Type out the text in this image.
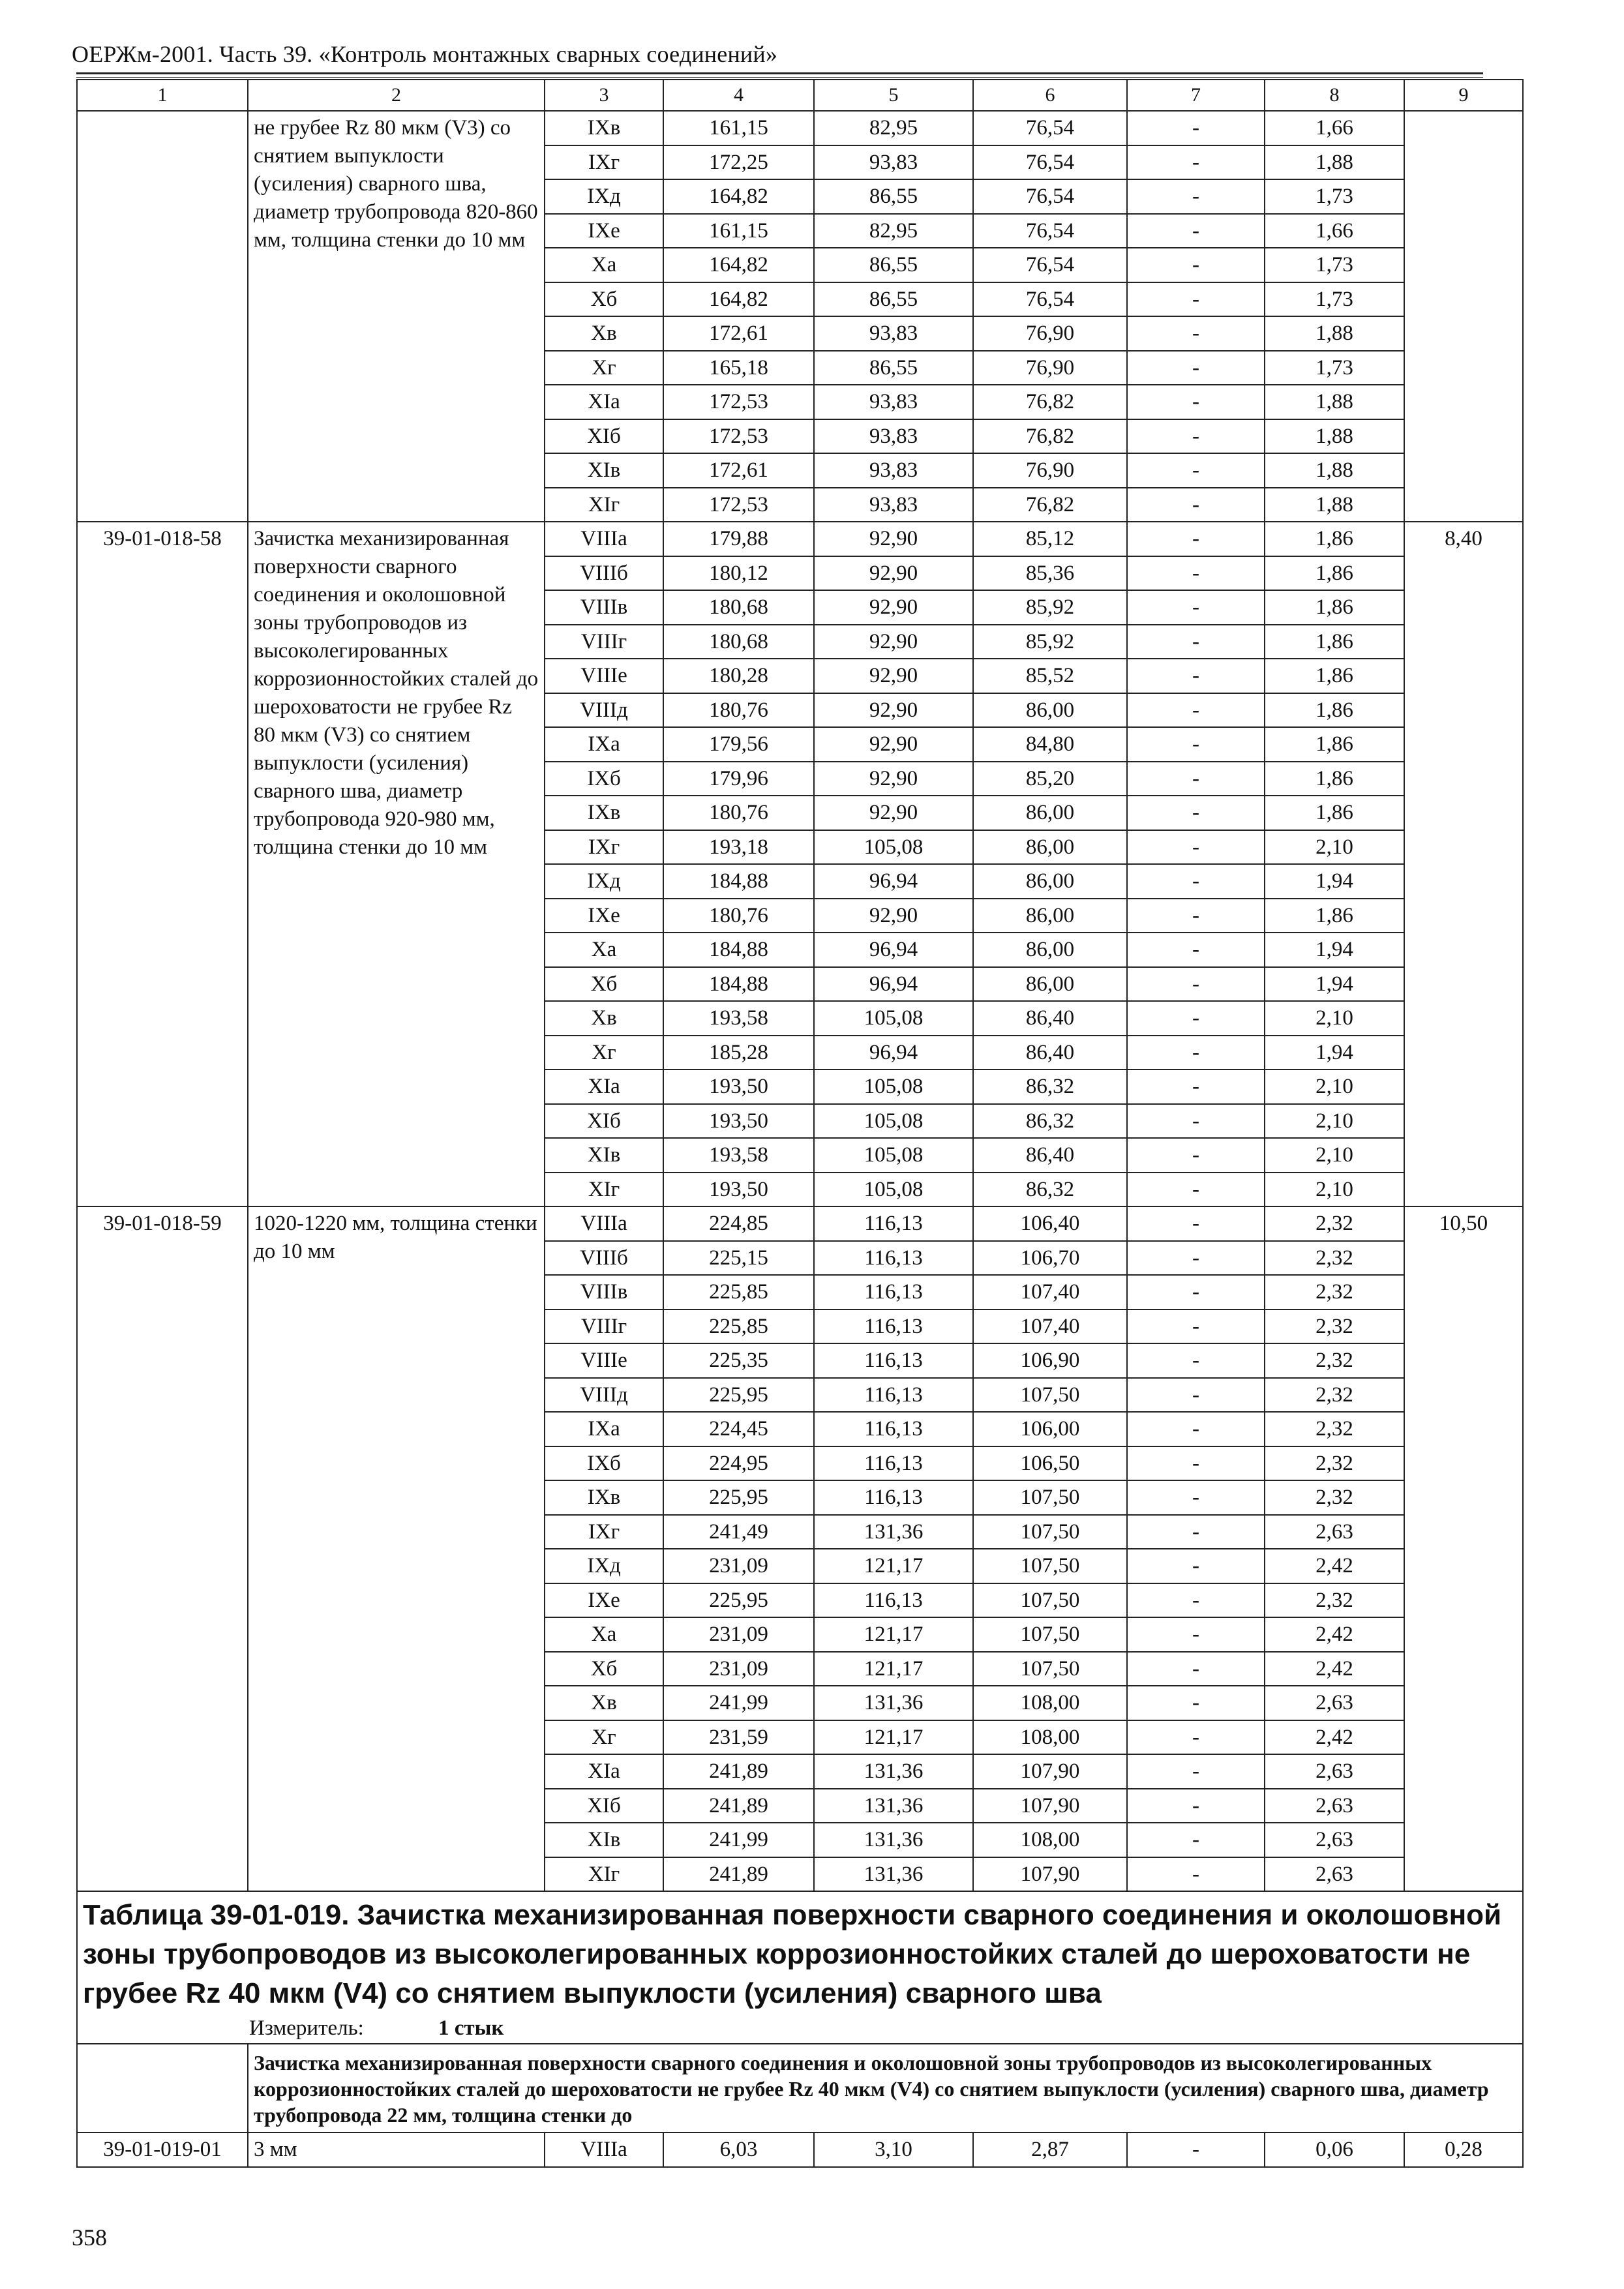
ОЕРЖм-2001. Часть 39. «Контроль монтажных сварных соединений»
1	2	3	4	5	6	7	8	9
	не грубее Rz 80 мкм (V3) со снятием выпуклости (усиления) сварного шва, диаметр трубопровода 820-860 мм, толщина стенки до 10 мм	IXв	161,15	82,95	76,54	-	1,66	
		IXг	172,25	93,83	76,54	-	1,88	
		IXд	164,82	86,55	76,54	-	1,73	
		IXе	161,15	82,95	76,54	-	1,66	
		Xа	164,82	86,55	76,54	-	1,73	
		Xб	164,82	86,55	76,54	-	1,73	
		Xв	172,61	93,83	76,90	-	1,88	
		Xг	165,18	86,55	76,90	-	1,73	
		XIа	172,53	93,83	76,82	-	1,88	
		XIб	172,53	93,83	76,82	-	1,88	
		XIв	172,61	93,83	76,90	-	1,88	
		XIг	172,53	93,83	76,82	-	1,88	
39-01-018-58	Зачистка механизированная поверхности сварного соединения и околошовной зоны трубопроводов из высоколегированных коррозионностойких сталей до шероховатости не грубее Rz 80 мкм (V3) со снятием выпуклости (усиления) сварного шва, диаметр трубопровода 920-980 мм, толщина стенки до 10 мм	VIIIа	179,88	92,90	85,12	-	1,86	8,40
		VIIIб	180,12	92,90	85,36	-	1,86	
		VIIIв	180,68	92,90	85,92	-	1,86	
		VIIIг	180,68	92,90	85,92	-	1,86	
		VIIIе	180,28	92,90	85,52	-	1,86	
		VIIIд	180,76	92,90	86,00	-	1,86	
		IXа	179,56	92,90	84,80	-	1,86	
		IXб	179,96	92,90	85,20	-	1,86	
		IXв	180,76	92,90	86,00	-	1,86	
		IXг	193,18	105,08	86,00	-	2,10	
		IXд	184,88	96,94	86,00	-	1,94	
		IXе	180,76	92,90	86,00	-	1,86	
		Xа	184,88	96,94	86,00	-	1,94	
		Xб	184,88	96,94	86,00	-	1,94	
		Xв	193,58	105,08	86,40	-	2,10	
		Xг	185,28	96,94	86,40	-	1,94	
		XIа	193,50	105,08	86,32	-	2,10	
		XIб	193,50	105,08	86,32	-	2,10	
		XIв	193,58	105,08	86,40	-	2,10	
		XIг	193,50	105,08	86,32	-	2,10	
39-01-018-59	1020-1220 мм, толщина стенки до 10 мм	VIIIа	224,85	116,13	106,40	-	2,32	10,50
		VIIIб	225,15	116,13	106,70	-	2,32	
		VIIIв	225,85	116,13	107,40	-	2,32	
		VIIIг	225,85	116,13	107,40	-	2,32	
		VIIIе	225,35	116,13	106,90	-	2,32	
		VIIIд	225,95	116,13	107,50	-	2,32	
		IXа	224,45	116,13	106,00	-	2,32	
		IXб	224,95	116,13	106,50	-	2,32	
		IXв	225,95	116,13	107,50	-	2,32	
		IXг	241,49	131,36	107,50	-	2,63	
		IXд	231,09	121,17	107,50	-	2,42	
		IXе	225,95	116,13	107,50	-	2,32	
		Xа	231,09	121,17	107,50	-	2,42	
		Xб	231,09	121,17	107,50	-	2,42	
		Xв	241,99	131,36	108,00	-	2,63	
		Xг	231,59	121,17	108,00	-	2,42	
		XIа	241,89	131,36	107,90	-	2,63	
		XIб	241,89	131,36	107,90	-	2,63	
		XIв	241,99	131,36	108,00	-	2,63	
		XIг	241,89	131,36	107,90	-	2,63	
Таблица 39-01-019. Зачистка механизированная поверхности сварного соединения и околошовной зоны трубопроводов из высоколегированных коррозионностойких сталей до шероховатости не грубее Rz 40 мкм (V4) со снятием выпуклости (усиления) сварного шва								
Измеритель: 1 стык								
	Зачистка механизированная поверхности сварного соединения и околошовной зоны трубопроводов из высоколегированных коррозионностойких сталей до шероховатости не грубее Rz 40 мкм (V4) со снятием выпуклости (усиления) сварного шва, диаметр трубопровода 22 мм, толщина стенки до							
39-01-019-01	3 мм	VIIIа	6,03	3,10	2,87	-	0,06	0,28
358
